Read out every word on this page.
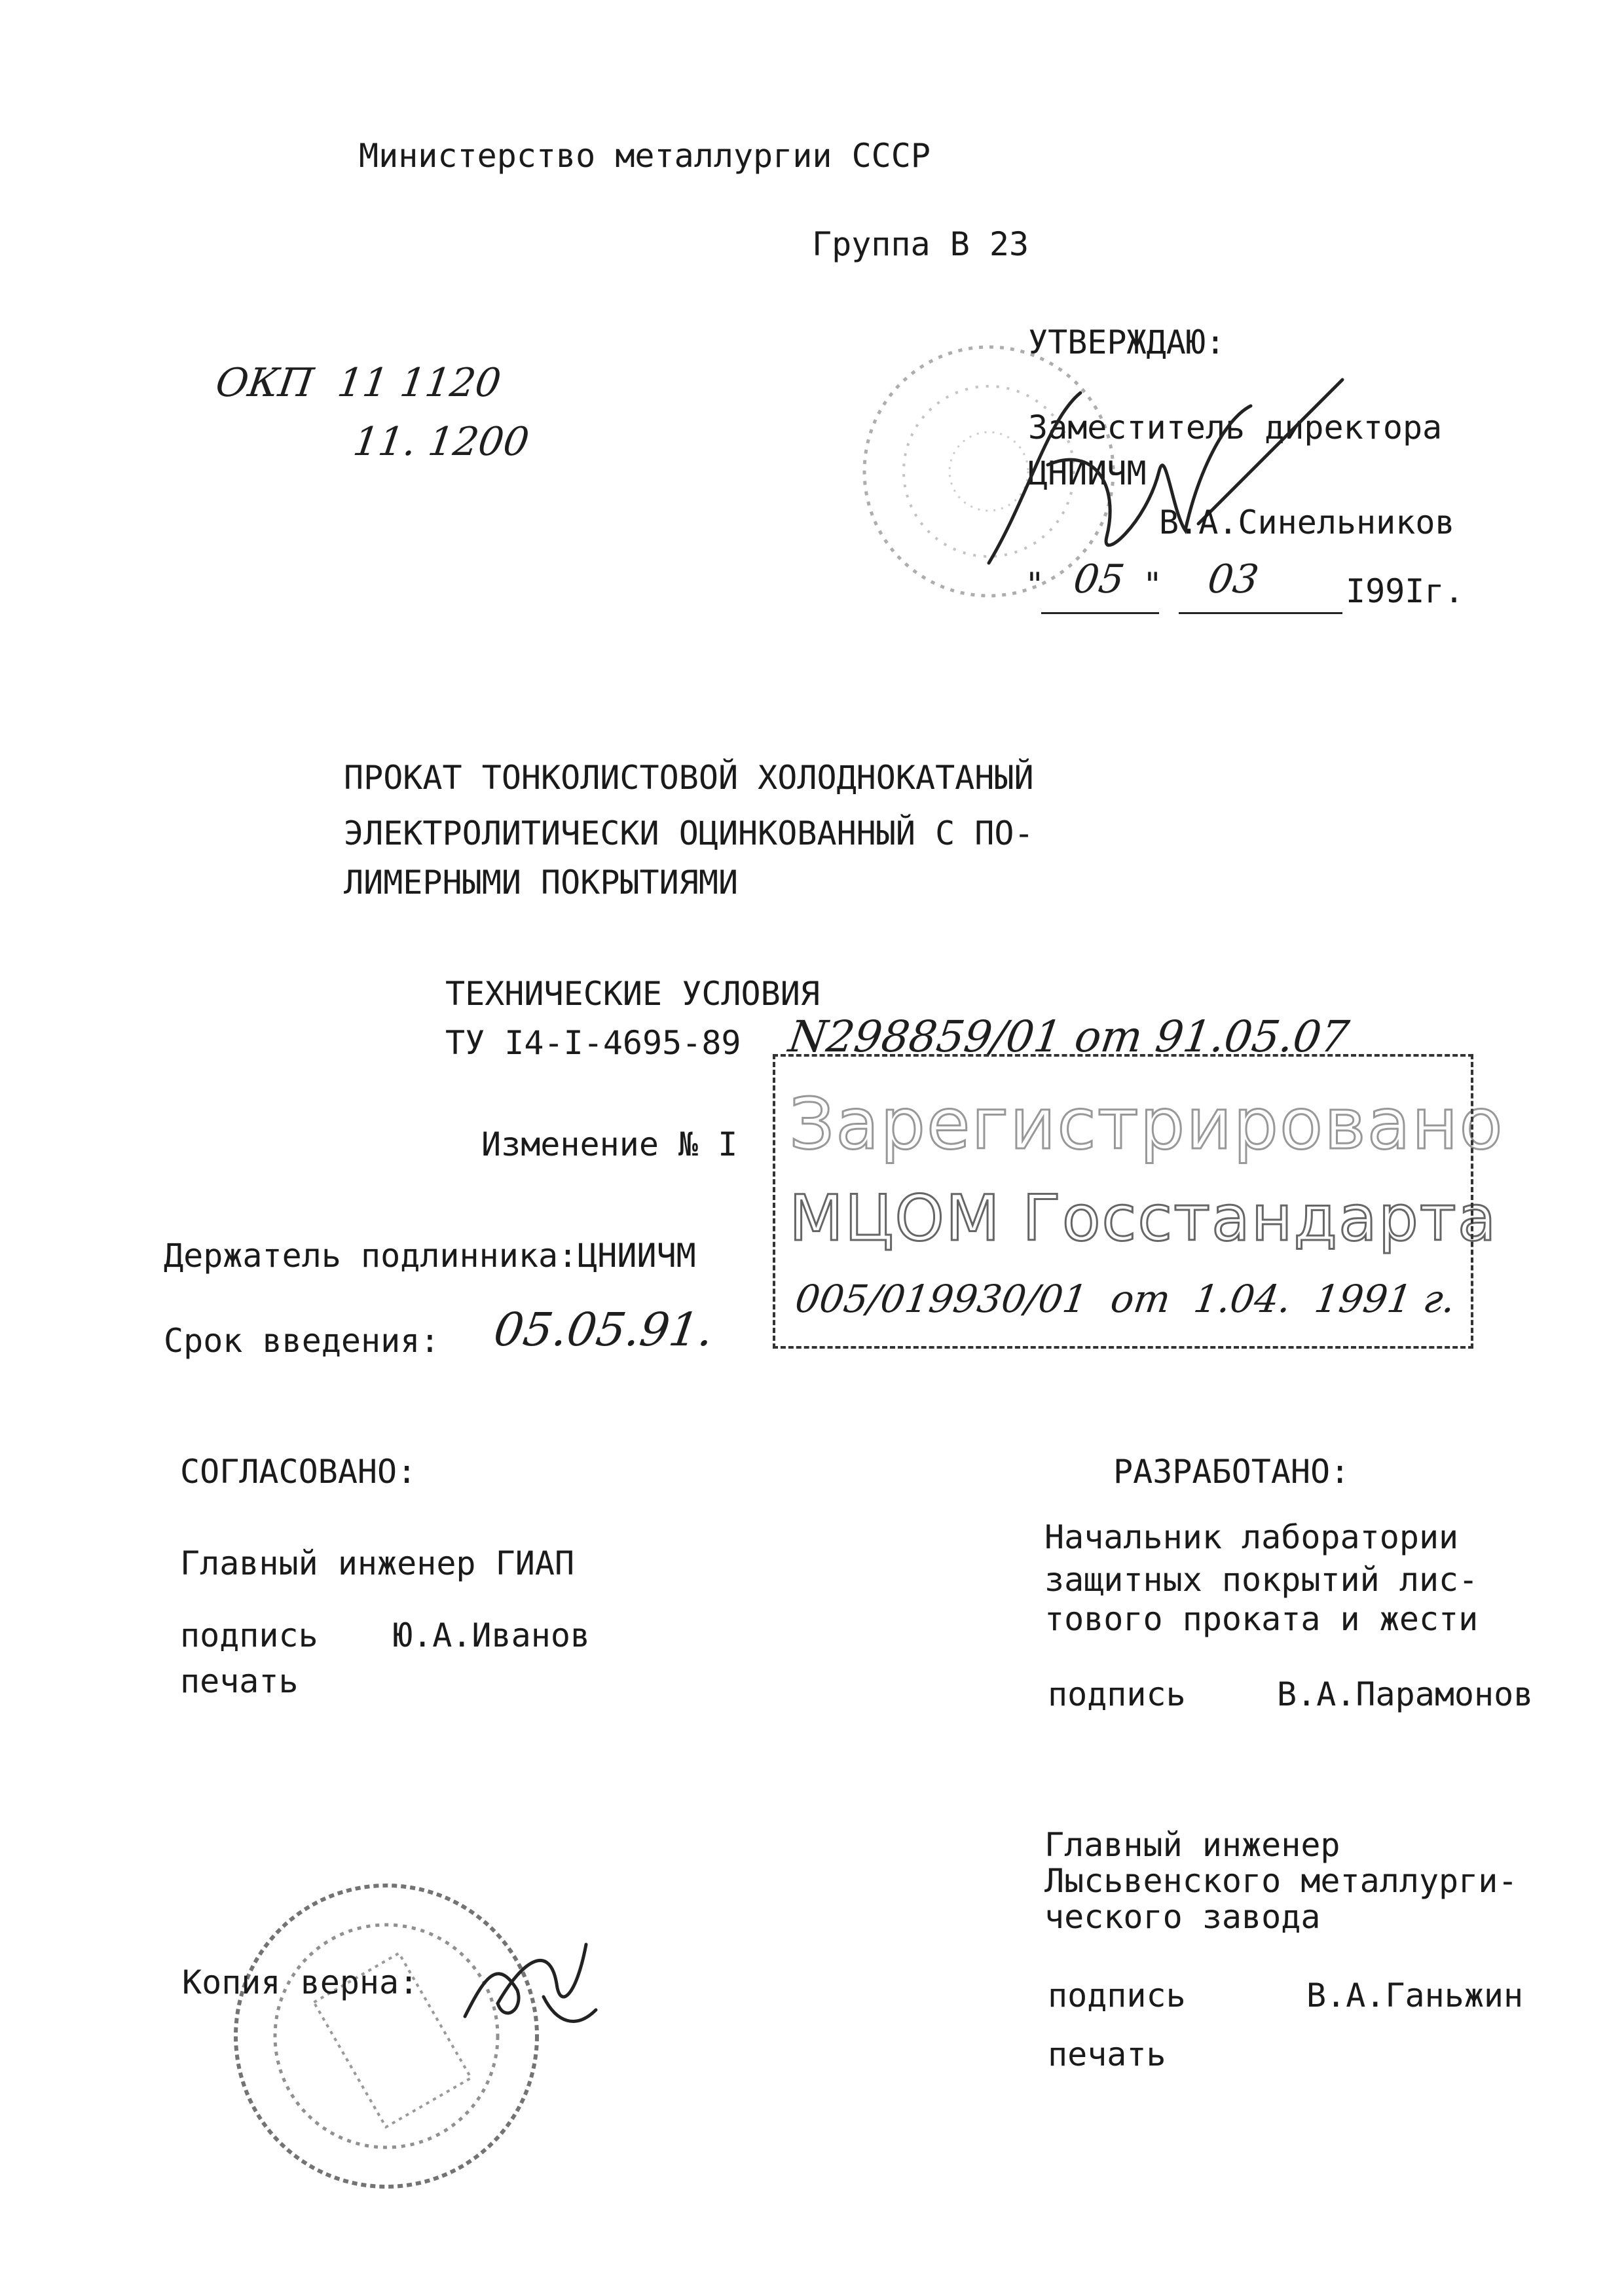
Министерство металлургии СССР
Группа В 23
ОКП  11 1120
11. 1200
УТВЕРЖДАЮ:
Заместитель директора
ЦНИИЧМ
В.А.Синельников
" 05 " 03	I99Iг.
ПРОКАТ ТОНКОЛИСТОВОЙ ХОЛОДНОКАТАНЫЙ
ЭЛЕКТРОЛИТИЧЕСКИ ОЦИНКОВАННЫЙ С ПО-
ЛИМЕРНЫМИ ПОКРЫТИЯМИ
ТЕХНИЧЕСКИЕ УСЛОВИЯ
ТУ I4-I-4695-89 N298859/01 от 91.05.07
Зарегистрировано
МЦОМ Госстандарта
005/019930/01  от  1.04.  1991 г.
Изменение № I
Держатель подлинника:ЦНИИЧМ
Срок введения: 05.05.91.
СОГЛАСОВАНО:
Главный инженер ГИАП
подпись Ю.А.Иванов
печать
РАЗРАБОТАНО:
Начальник лаборатории
защитных покрытий лис-
тового проката и жести
подпись	В.А.Парамонов
Главный инженер
Лысьвенского металлурги-
ческого завода
подпись	В.А.Ганьжин
печать
Копия верна:
